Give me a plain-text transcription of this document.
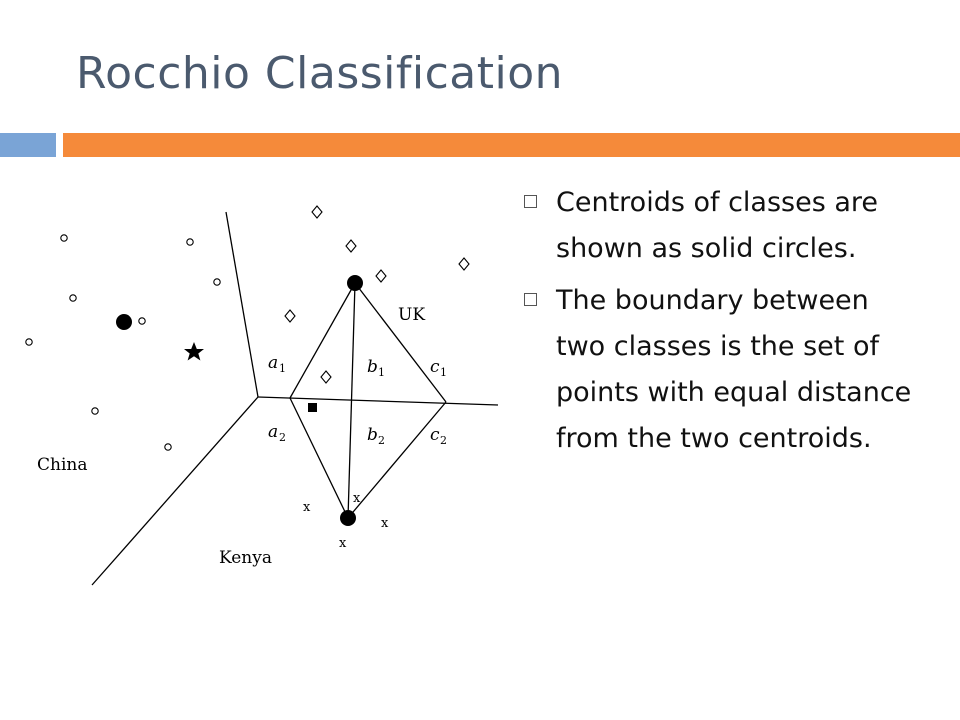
Rocchio Classification
x
x
x
x
China
UK
Kenya
a 1	b 1	c 1
a 2	b 2	c 2
Centroids of classes are shown as solid circles.
The boundary between two classes is the set of points with equal distance from the two centroids.
